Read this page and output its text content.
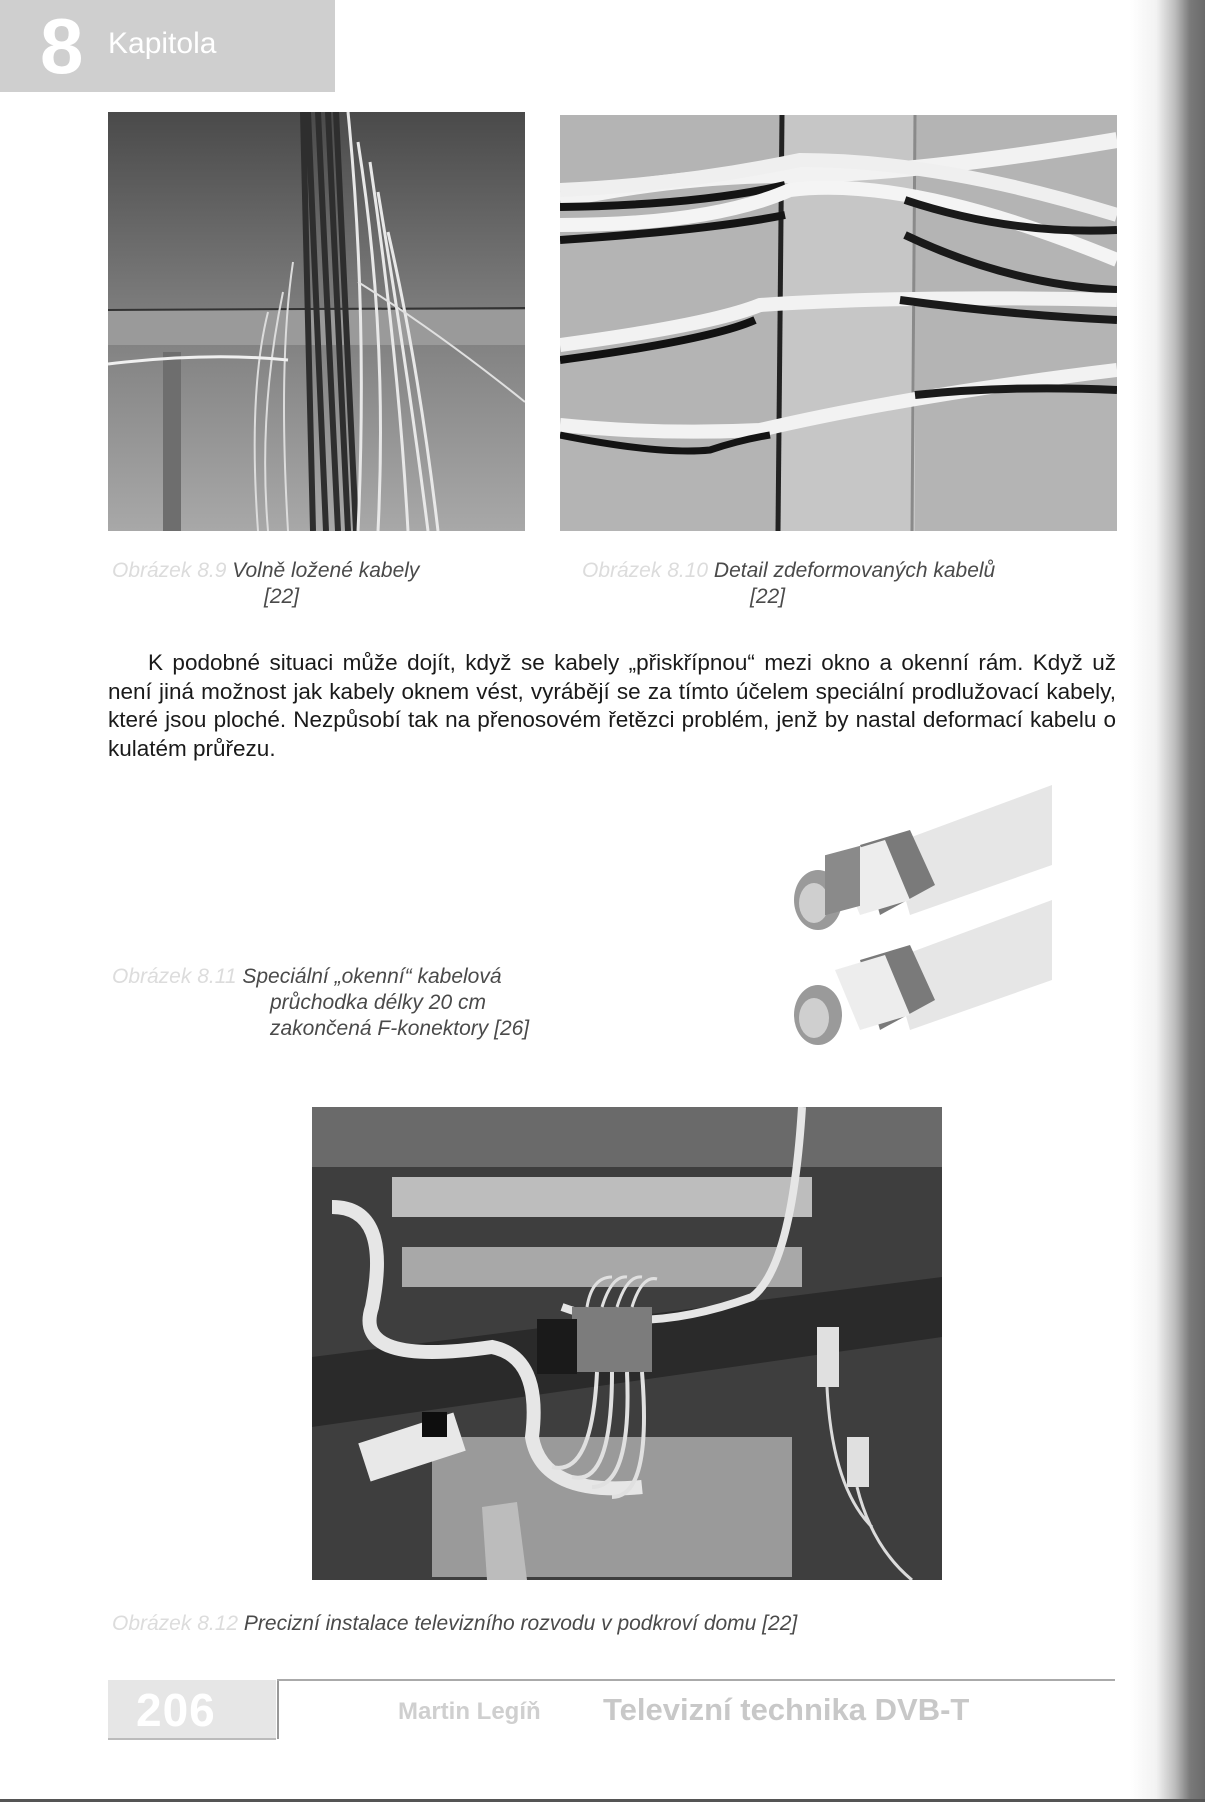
8 Kapitola
Obrázek 8.9 Volně ložené kabely
[22]
Obrázek 8.10 Detail zdeformovaných kabelů
[22]

K podobné situaci může dojít, když se kabely „přiskřípnou“ mezi okno a okenní rám. Když už není jiná možnost jak kabely oknem vést, vyrábějí se za tímto účelem speciální prodlužovací kabely, které jsou ploché. Nezpůsobí tak na přenosovém řetězci problém, jenž by nastal deformací kabelu o kulatém průřezu.

Obrázek 8.11 Speciální „okenní“ kabelová
průchodka délky 20 cm
zakončená F-konektory [26]
Obrázek 8.12 Precizní instalace televizního rozvodu v podkroví domu [22]
206	Martin Legíň Televizní technika DVB-T
